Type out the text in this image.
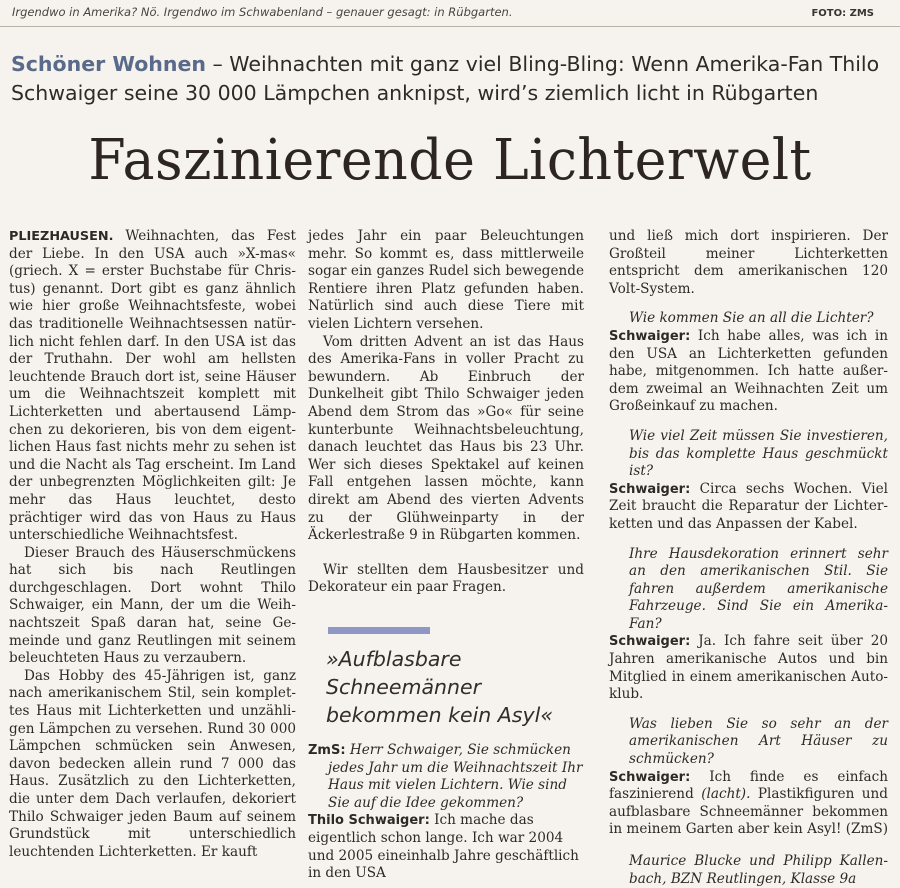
Irgendwo in Amerika? Nö. Irgendwo im Schwabenland – genauer gesagt: in Rübgarten.	FOTO: ZMS
Schöner Wohnen – Weihnachten mit ganz viel Bling-Bling: Wenn Amerika-Fan Thilo Schwaiger seine 30 000 Lämpchen anknipst, wird’s ziemlich licht in Rübgarten
Faszinierende Lichterwelt

PLIEZHAUSEN. Weihnachten, das Fest der Liebe. In den USA auch »X-mas« (griech. X = erster Buchstabe für Christus) genannt. Dort gibt es ganz ähnlich wie hier große Weihnachtsfeste, wobei das traditionelle Weihnachtsessen natürlich nicht fehlen darf. In den USA ist das der Truthahn. Der wohl am hellsten leuchtende Brauch dort ist, seine Häuser um die Weihnachtszeit komplett mit Lichterketten und abertausend Lämpchen zu dekorieren, bis von dem eigentlichen Haus fast nichts mehr zu sehen ist und die Nacht als Tag erscheint. Im Land der unbegrenzten Möglichkeiten gilt: Je mehr das Haus leuchtet, desto prächtiger wird das von Haus zu Haus unterschiedliche Weihnachtsfest.

Dieser Brauch des Häuserschmückens hat sich bis nach Reutlingen durchgeschlagen. Dort wohnt Thilo Schwaiger, ein Mann, der um die Weihnachtszeit Spaß daran hat, seine Gemeinde und ganz Reutlingen mit seinem beleuchteten Haus zu verzaubern.

Das Hobby des 45-Jährigen ist, ganz nach amerikanischem Stil, sein komplettes Haus mit Lichterketten und unzähligen Lämpchen zu versehen. Rund 30 000 Lämpchen schmücken sein Anwesen, davon bedecken allein rund 7 000 das Haus. Zusätzlich zu den Lichterketten, die unter dem Dach verlaufen, dekoriert Thilo Schwaiger jeden Baum auf seinem Grundstück mit unterschiedlich leuchtenden Lichterketten. Er kauft

jedes Jahr ein paar Beleuchtungen mehr. So kommt es, dass mittlerweile sogar ein ganzes Rudel sich bewegende Rentiere ihren Platz gefunden haben. Natürlich sind auch diese Tiere mit vielen Lichtern versehen.

Vom dritten Advent an ist das Haus des Amerika-Fans in voller Pracht zu bewundern. Ab Einbruch der Dunkelheit gibt Thilo Schwaiger jeden Abend dem Strom das »Go« für seine kunterbunte Weihnachtsbeleuchtung, danach leuchtet das Haus bis 23 Uhr. Wer sich dieses Spektakel auf keinen Fall entgehen lassen möchte, kann direkt am Abend des vierten Advents zu der Glühweinparty in der Äckerlestraße 9 in Rübgarten kommen.

Wir stellten dem Hausbesitzer und Dekorateur ein paar Fragen.

»Aufblasbare Schneemänner bekommen kein Asyl«

ZmS: Herr Schwaiger, Sie schmücken jedes Jahr um die Weihnachtszeit Ihr Haus mit vielen Lichtern. Wie sind Sie auf die Idee gekommen?

Thilo Schwaiger: Ich mache das eigentlich schon lange. Ich war 2004 und 2005 eineinhalb Jahre geschäftlich in den USA

und ließ mich dort inspirieren. Der Großteil meiner Lichterketten entspricht dem amerikanischen 120 Volt-System.

Wie kommen Sie an all die Lichter?

Schwaiger: Ich habe alles, was ich in den USA an Lichterketten gefunden habe, mitgenommen. Ich hatte außerdem zweimal an Weihnachten Zeit um Großeinkauf zu machen.

Wie viel Zeit müssen Sie investieren, bis das komplette Haus geschmückt ist?

Schwaiger: Circa sechs Wochen. Viel Zeit braucht die Reparatur der Lichterketten und das Anpassen der Kabel.

Ihre Hausdekoration erinnert sehr an den amerikanischen Stil. Sie fahren außerdem amerikanische Fahrzeuge. Sind Sie ein Amerika-Fan?

Schwaiger: Ja. Ich fahre seit über 20 Jahren amerikanische Autos und bin Mitglied in einem amerikanischen Autoklub.

Was lieben Sie so sehr an der amerikanischen Art Häuser zu schmücken?

Schwaiger: Ich finde es einfach faszinierend (lacht). Plastikfiguren und aufblasbare Schneemänner bekommen in meinem Garten aber kein Asyl! (ZmS)

Maurice Blucke und Philipp Kallenbach, BZN Reutlingen, Klasse 9a
